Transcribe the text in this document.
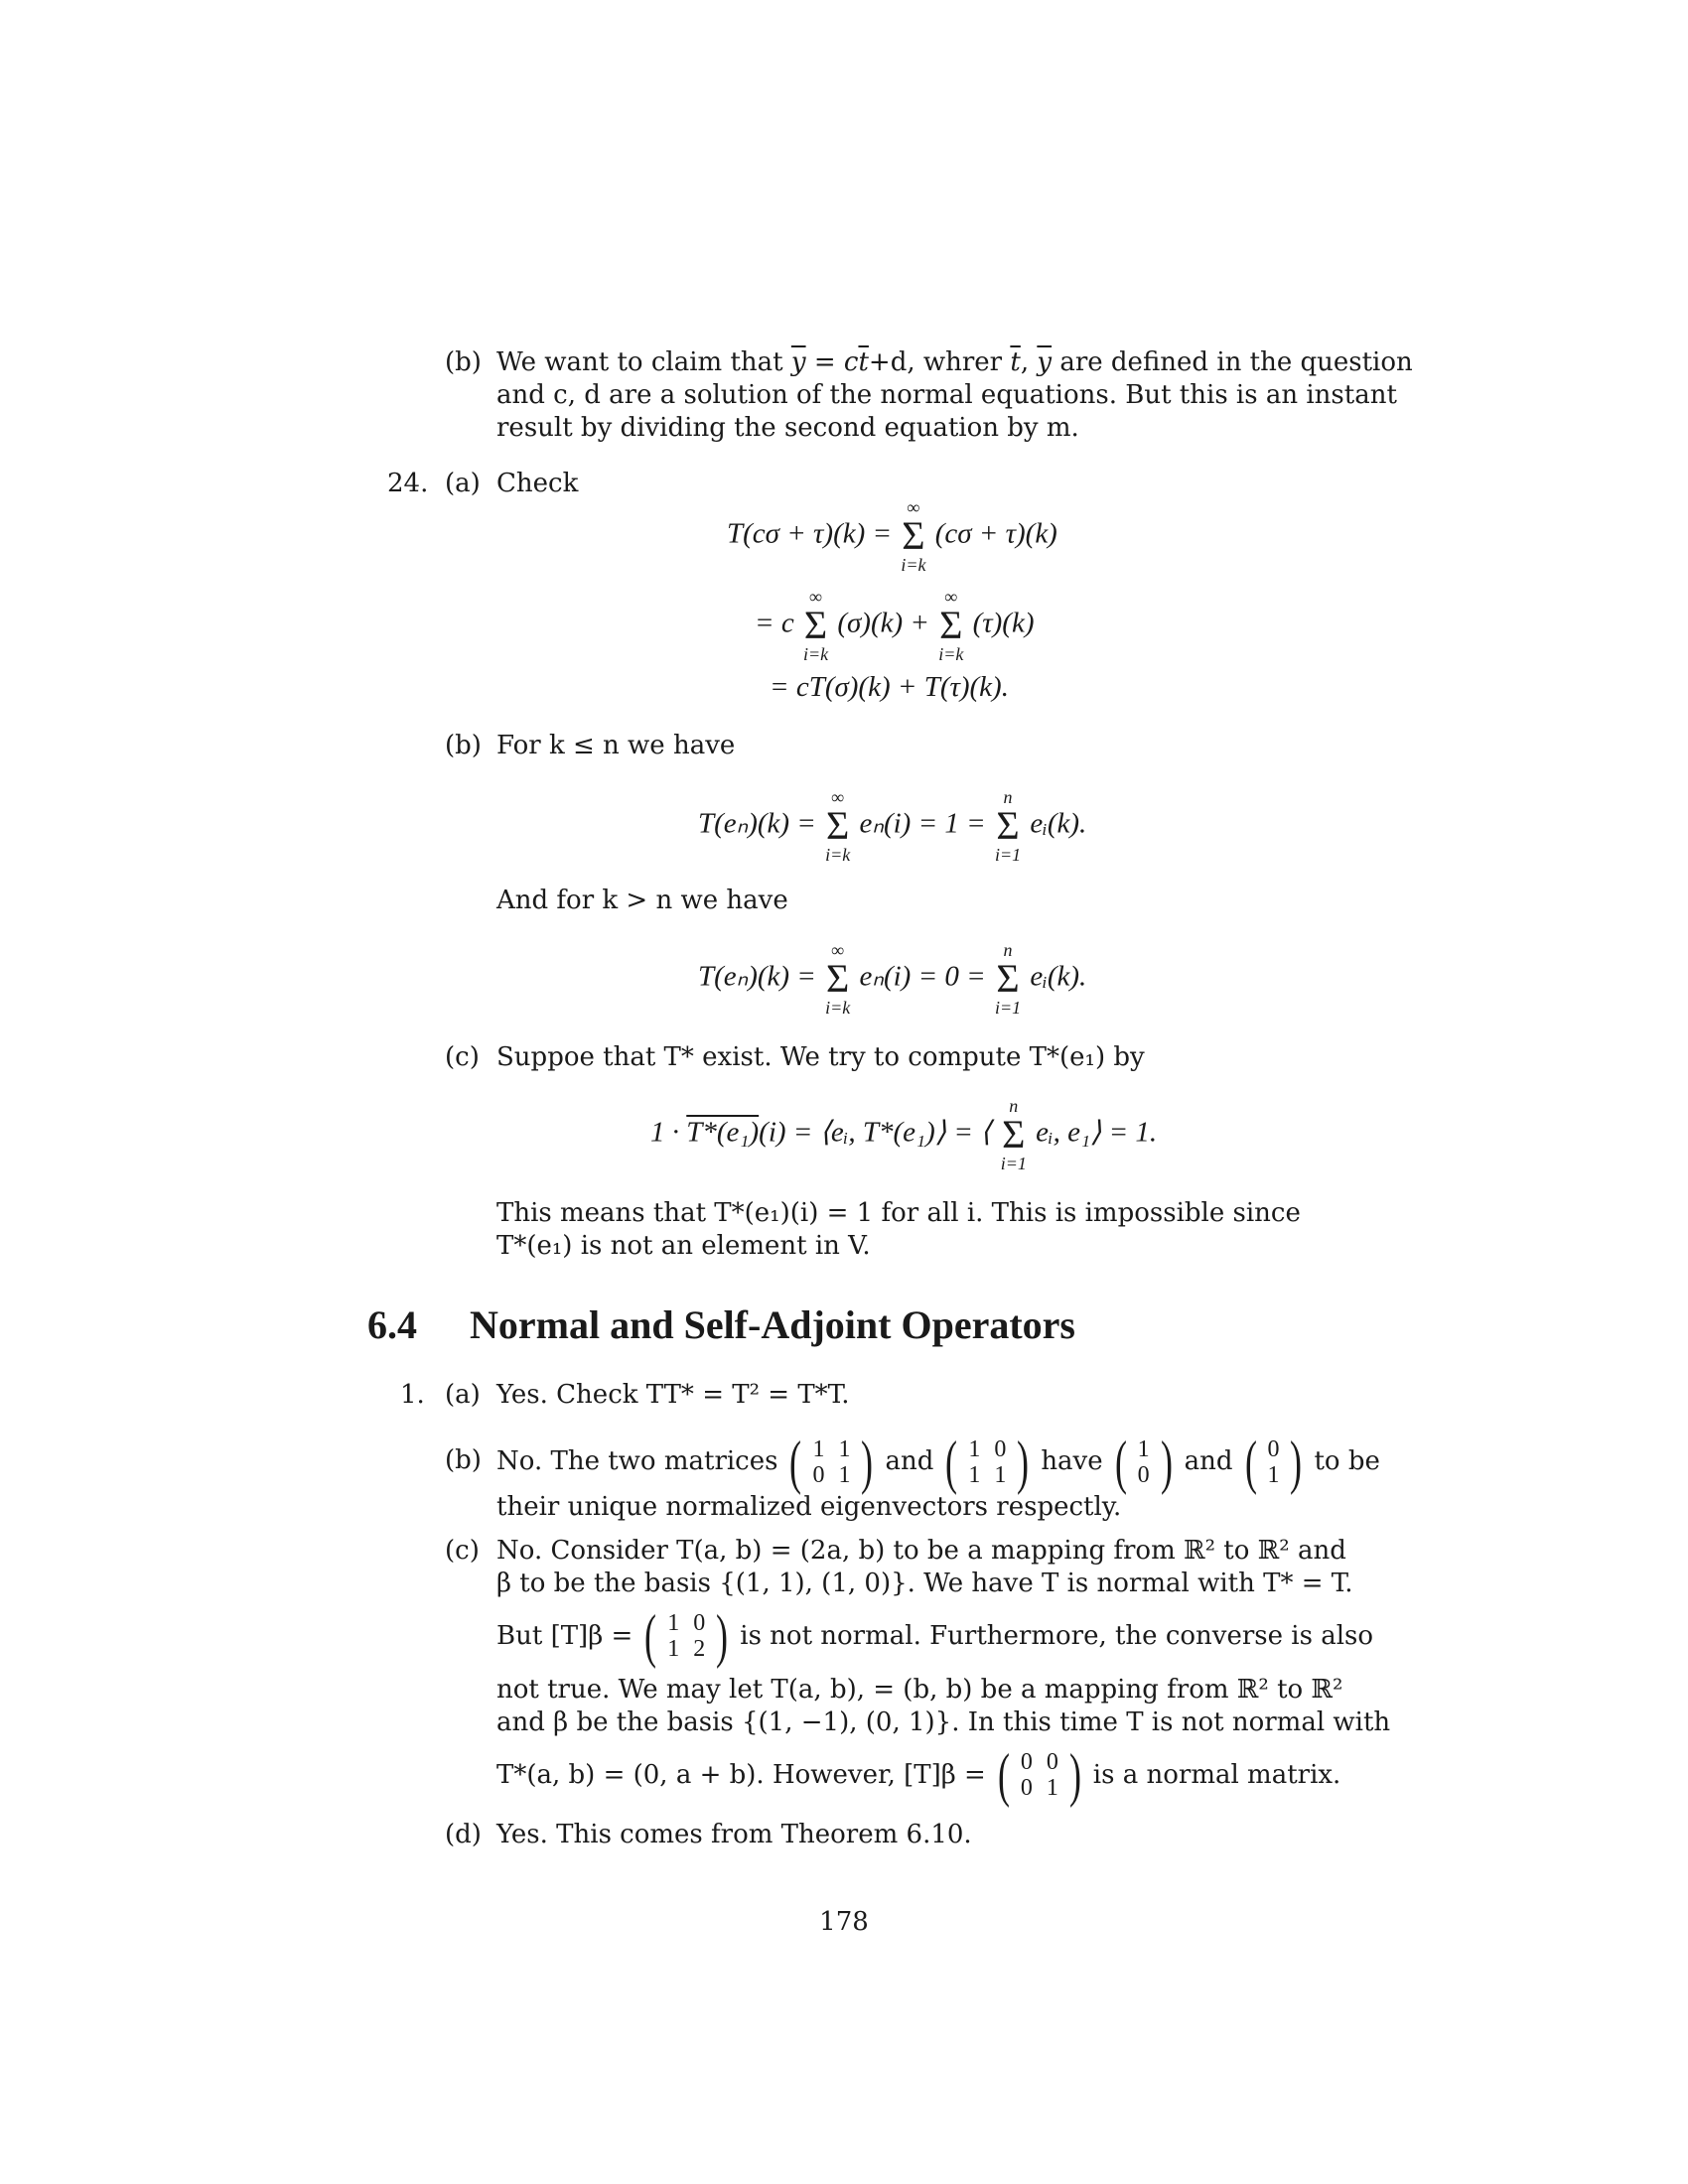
(b) We want to claim that $\overline{y} = c\overline{t}+d$, whrer $\overline{t}$, $\overline{y}$ are defined in the question
and c, d are a solution of the normal equations. But this is an instant
result by dividing the second equation by m.
24. (a) Check
T(cσ + τ)(k) =
∞
Σ
i=k
(cσ + τ)(k)
= c
∞
Σ
i=k
(σ)(k) +
∞
Σ
i=k
(τ)(k)
= cT(σ)(k) + T(τ)(k).
(b) For k ≤ n we have
T(eₙ)(k) =
∞
Σ
i=k
eₙ(i) = 1 =
n
Σ
i=1
eᵢ(k).
And for k > n we have
T(eₙ)(k) =
∞
Σ
i=k
eₙ(i) = 0 =
n
Σ
i=1
eᵢ(k).
(c) Suppoe that T* exist. We try to compute T*(e₁) by
1 · T*(e₁)(i) = ⟨eᵢ, T*(e₁)⟩ = ⟨
n
Σ
i=1
eᵢ, e₁⟩ = 1.
This means that T*(e₁)(i) = 1 for all i. This is impossible since
T*(e₁) is not an element in V.
6.4 Normal and Self-Adjoint Operators
1. (a) Yes. Check TT* = T² = T*T.
(b) No. The two matrices ( 1	1
0	1 ) and ( 1	0
1	1 ) have ( 1
0 ) and ( 0
1 ) to be
their unique normalized eigenvectors respectly.
(c) No. Consider T(a, b) = (2a, b) to be a mapping from ℝ² to ℝ² and
β to be the basis {(1, 1), (1, 0)}. We have T is normal with T* = T.
But [T]β = ( 1	0
1	2 ) is not normal. Furthermore, the converse is also
not true. We may let T(a, b), = (b, b) be a mapping from ℝ² to ℝ²
and β be the basis {(1, −1), (0, 1)}. In this time T is not normal with
T*(a, b) = (0, a + b). However, [T]β = ( 0	0
0	1 ) is a normal matrix.
(d) Yes. This comes from Theorem 6.10.
178
